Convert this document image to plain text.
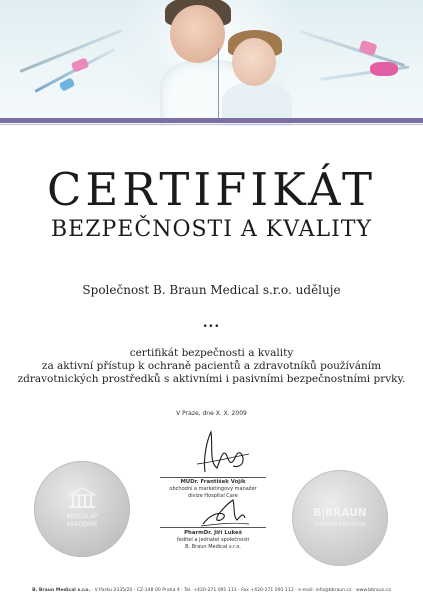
CERTIFIKÁT
BEZPEČNOSTI A KVALITY
Společnost B. Braun Medical s.r.o. uděluje
...
certifikát bezpečnosti a kvality
za aktivní přístup k ochraně pacientů a zdravotníků používáním
zdravotnických prostředků s aktivními i pasivními bezpečnostními prvky.
V Praze, dne X. X. 2009
MUDr. František Vojík
obchodní a marketingový manažer
divize Hospital Care
PharmDr. Jiří Lukeš
ředitel a jednatel společnosti
B. Braun Medical s.r.o.
AESCULAP
AKADEMIE
B|BRAUN
SHARING EXPERTISE
B. Braun Medical s.r.o. · V Parku 2335/20 · CZ-148 00 Praha 4 · Tel. +420-271 091 111 · Fax +420-271 091 112 · e-mail: info@bbraun.cz · www.bbraun.cz
